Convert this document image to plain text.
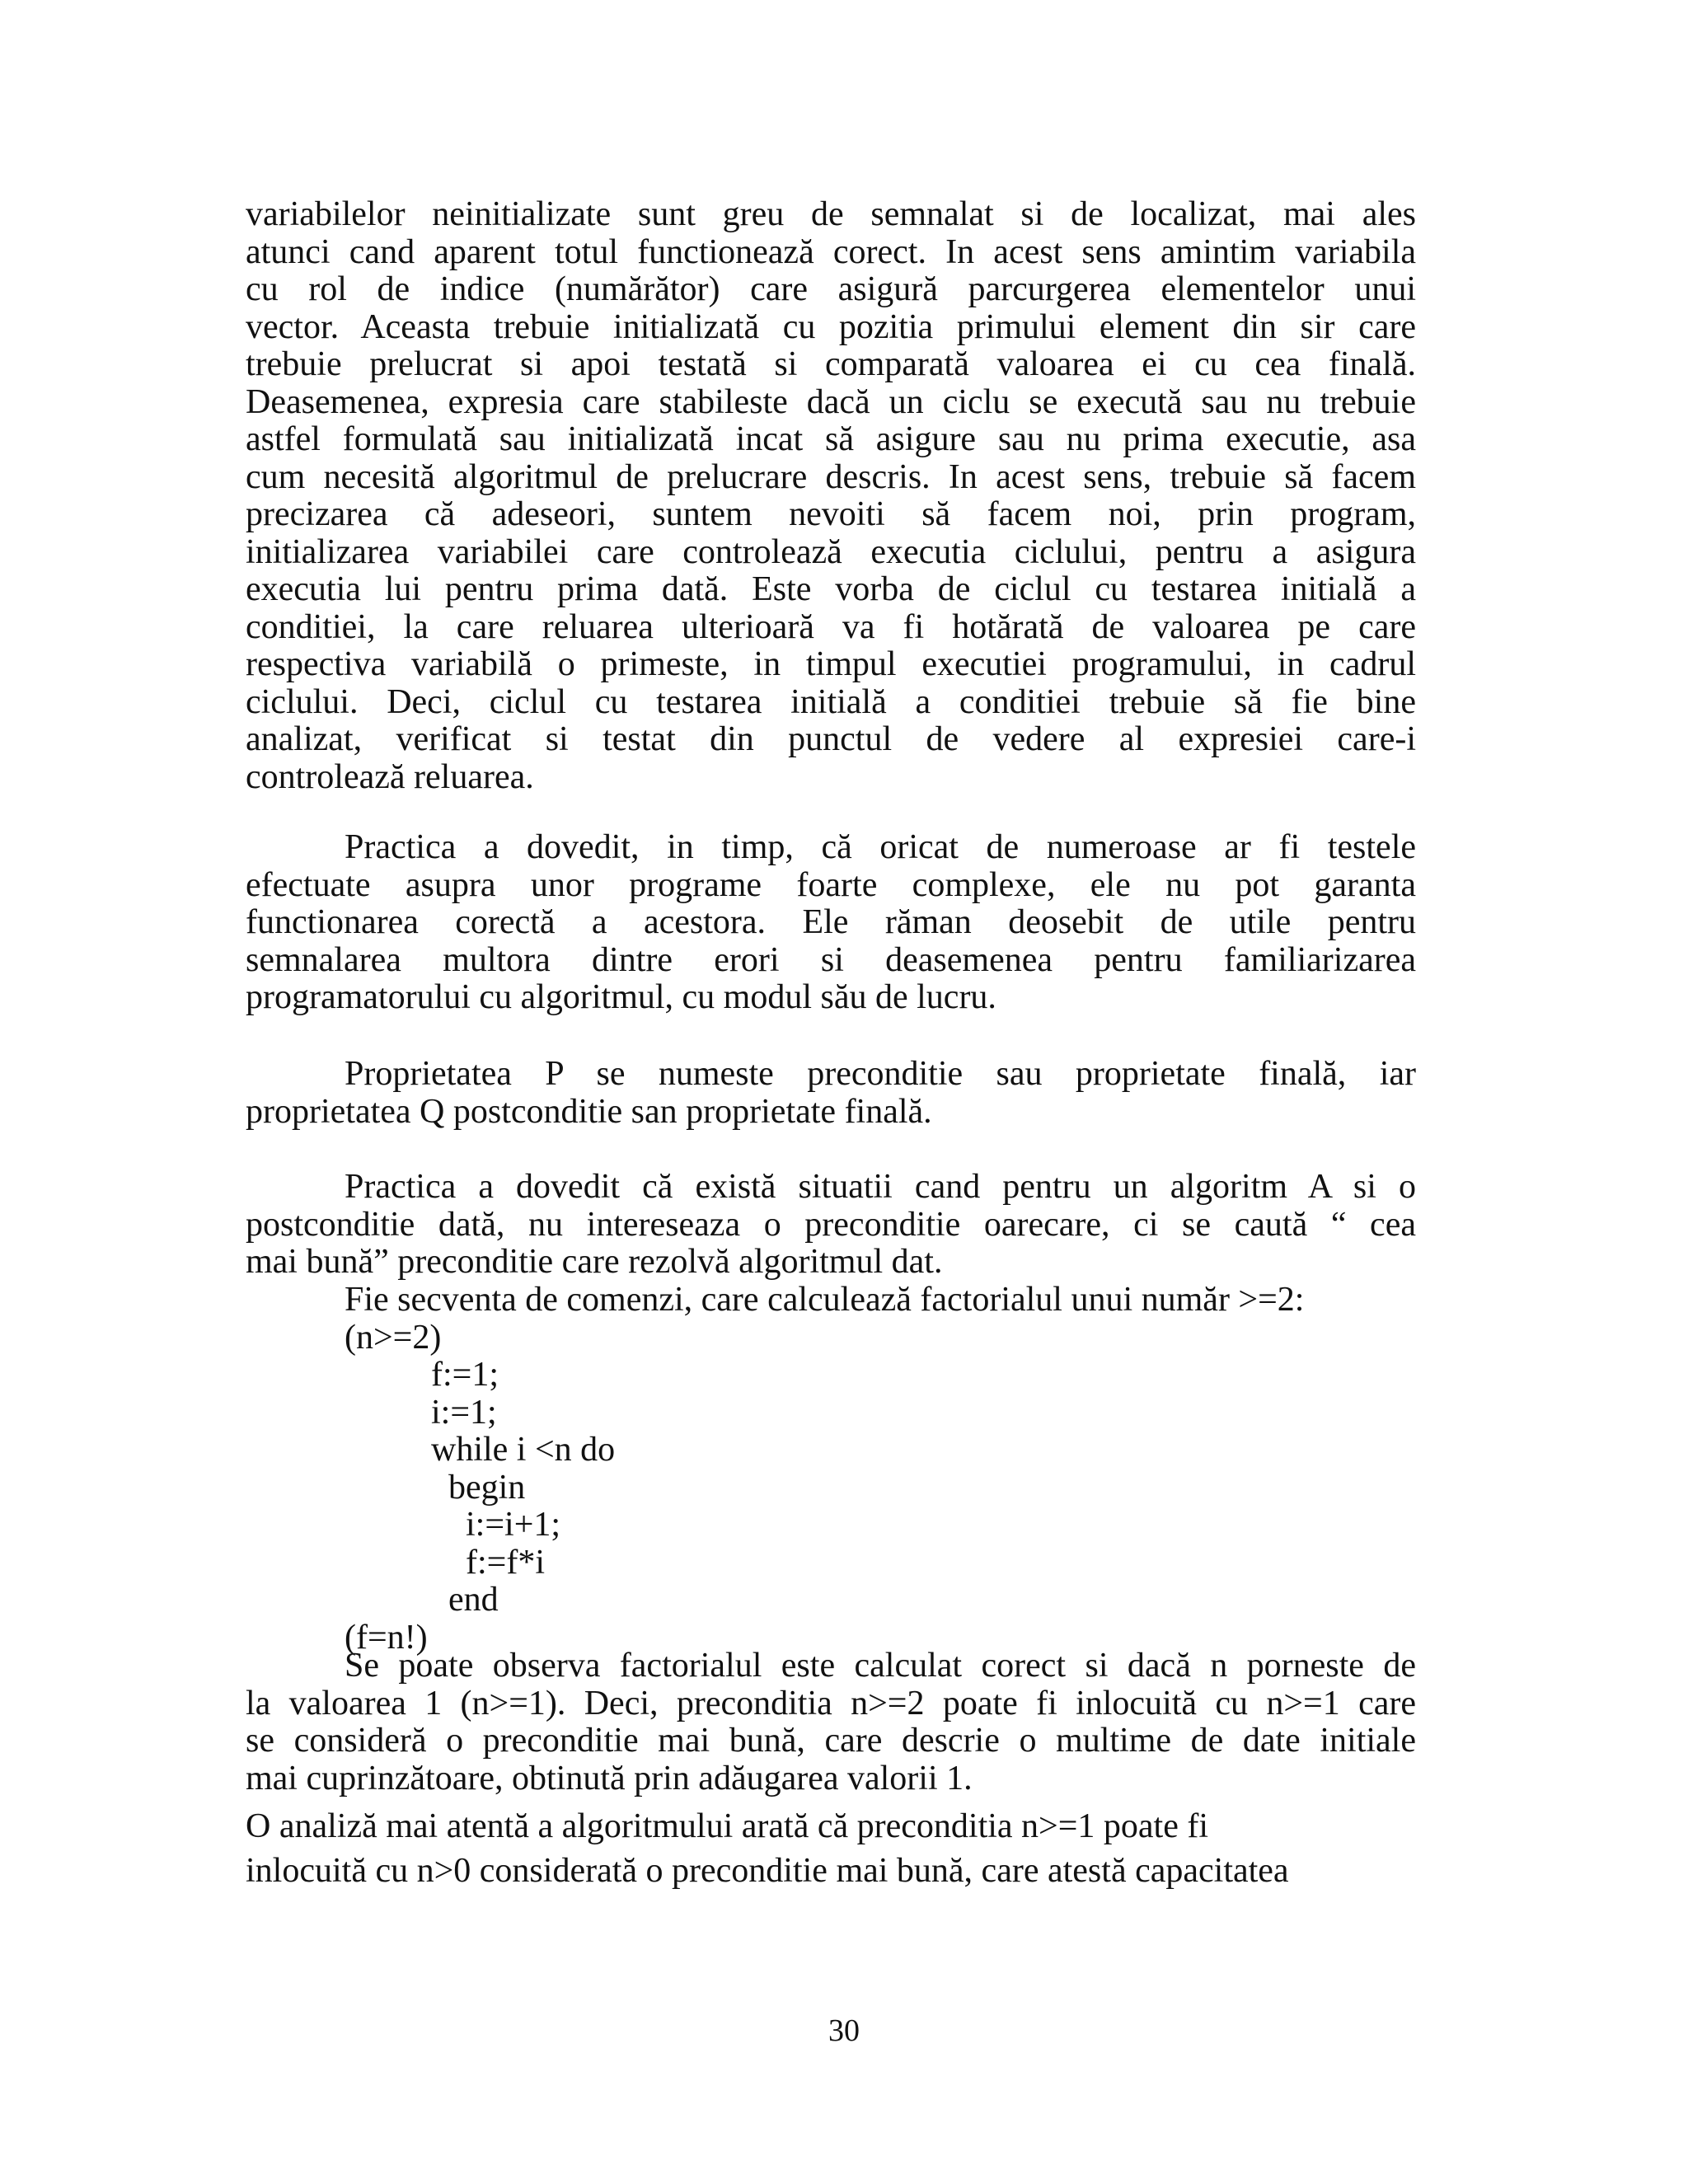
variabilelor neinitializate sunt greu de semnalat si de localizat, mai ales
atunci cand aparent totul functionează corect. In acest sens amintim variabila
cu rol de indice (numărător) care asigură parcurgerea elementelor unui
vector. Aceasta trebuie initializată cu pozitia primului element din sir care
trebuie prelucrat si apoi testată si comparată valoarea ei cu cea finală.
Deasemenea, expresia care stabileste dacă un ciclu se execută sau nu trebuie
astfel formulată sau initializată incat să asigure sau nu prima executie, asa
cum necesită algoritmul de prelucrare descris. In acest sens, trebuie să facem
precizarea că adeseori, suntem nevoiti să facem noi, prin program,
initializarea variabilei care controlează executia ciclului, pentru a asigura
executia lui pentru prima dată. Este vorba de ciclul cu testarea initială a
conditiei, la care reluarea ulterioară va fi hotărată de valoarea pe care
respectiva variabilă o primeste, in timpul executiei programului, in cadrul
ciclului. Deci, ciclul cu testarea initială a conditiei trebuie să fie bine
analizat, verificat si testat din punctul de vedere al expresiei care-i
controlează reluarea.
Practica a dovedit, in timp, că oricat de numeroase ar fi testele
efectuate asupra unor programe foarte complexe, ele nu pot garanta
functionarea corectă a acestora. Ele răman deosebit de utile pentru
semnalarea multora dintre erori si deasemenea pentru familiarizarea
programatorului cu algoritmul, cu modul său de lucru.
Proprietatea P se numeste preconditie sau proprietate finală, iar
proprietatea Q postconditie san proprietate finală.
Practica a dovedit că există situatii cand pentru un algoritm A si o
postconditie dată, nu intereseaza o preconditie oarecare, ci se caută “ cea
mai bună” preconditie care rezolvă algoritmul dat.
Fie secventa de comenzi, care calculează factorialul unui număr >=2:
(n>=2)
f:=1;
i:=1;
while i <n do
begin
i:=i+1;
f:=f*i
end
(f=n!)
Se poate observa factorialul este calculat corect si dacă n porneste de
la valoarea 1 (n>=1). Deci, preconditia n>=2 poate fi inlocuită cu n>=1 care
se consideră o preconditie mai bună, care descrie o multime de date initiale
mai cuprinzătoare, obtinută prin adăugarea valorii 1.
O analiză mai atentă a algoritmului arată că preconditia n>=1 poate fi
inlocuită cu n>0 considerată o preconditie mai bună, care atestă capacitatea
30
